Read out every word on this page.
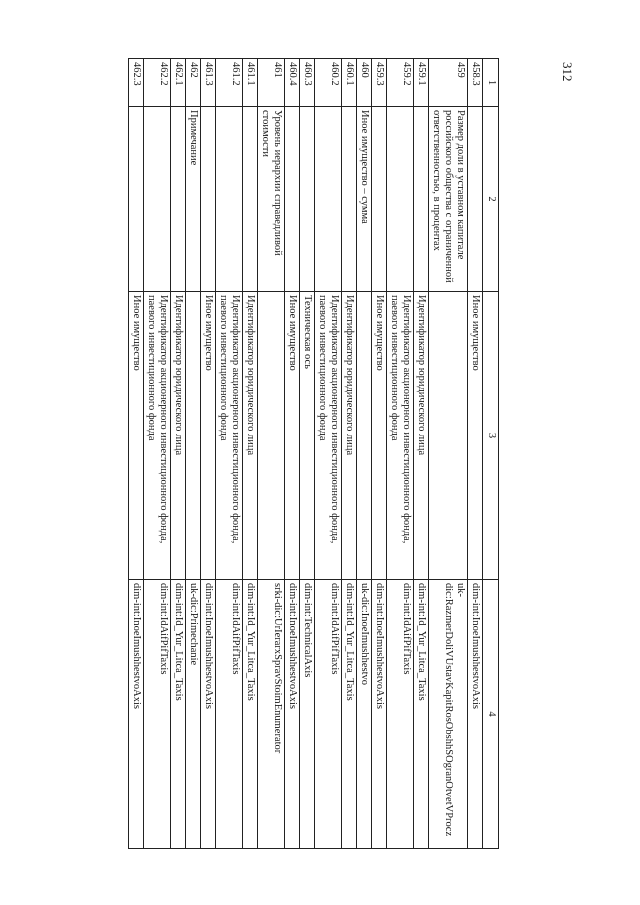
312
1	2	3	4
458.3		Иное имущество	dim-int:InoeImushhestvoAxis
459	Размер доли в уставном капитале российского общества с ограниченной ответственностью, в процентах		uk-dic:RazmerDoliVUstavKapitRosObshhSOgranOtvetVProcz
459.1		Идентификатор юридического лица	dim-int:Id_Yur_Litca_Taxis
459.2		Идентификатор акционерного инвестиционного фонда, паевого инвестиционного фонда	dim-int:IdAifPifTaxis
459.3		Иное имущество	dim-int:InoeImushhestvoAxis
460	Иное имущество – сумма		uk-dic:InoeImushhestvo
460.1		Идентификатор юридического лица	dim-int:Id_Yur_Litca_Taxis
460.2		Идентификатор акционерного инвестиционного фонда, паевого инвестиционного фонда	dim-int:IdAifPifTaxis
460.3		Техническая ось	dim-int:TechnicalAxis
460.4		Иное имущество	dim-int:InoeImushhestvoAxis
461	Уровень иерархии справедливой стоимости		srki-dic:UrIerarxSpravStoimEnumerator
461.1		Идентификатор юридического лица	dim-int:Id_Yur_Litca_Taxis
461.2		Идентификатор акционерного инвестиционного фонда, паевого инвестиционного фонда	dim-int:IdAifPifTaxis
461.3		Иное имущество	dim-int:InoeImushhestvoAxis
462	Примечание		uk-dic:Primechanie
462.1		Идентификатор юридического лица	dim-int:Id_Yur_Litca_Taxis
462.2		Идентификатор акционерного инвестиционного фонда, паевого инвестиционного фонда	dim-int:IdAifPifTaxis
462.3		Иное имущество	dim-int:InoeImushhestvoAxis
